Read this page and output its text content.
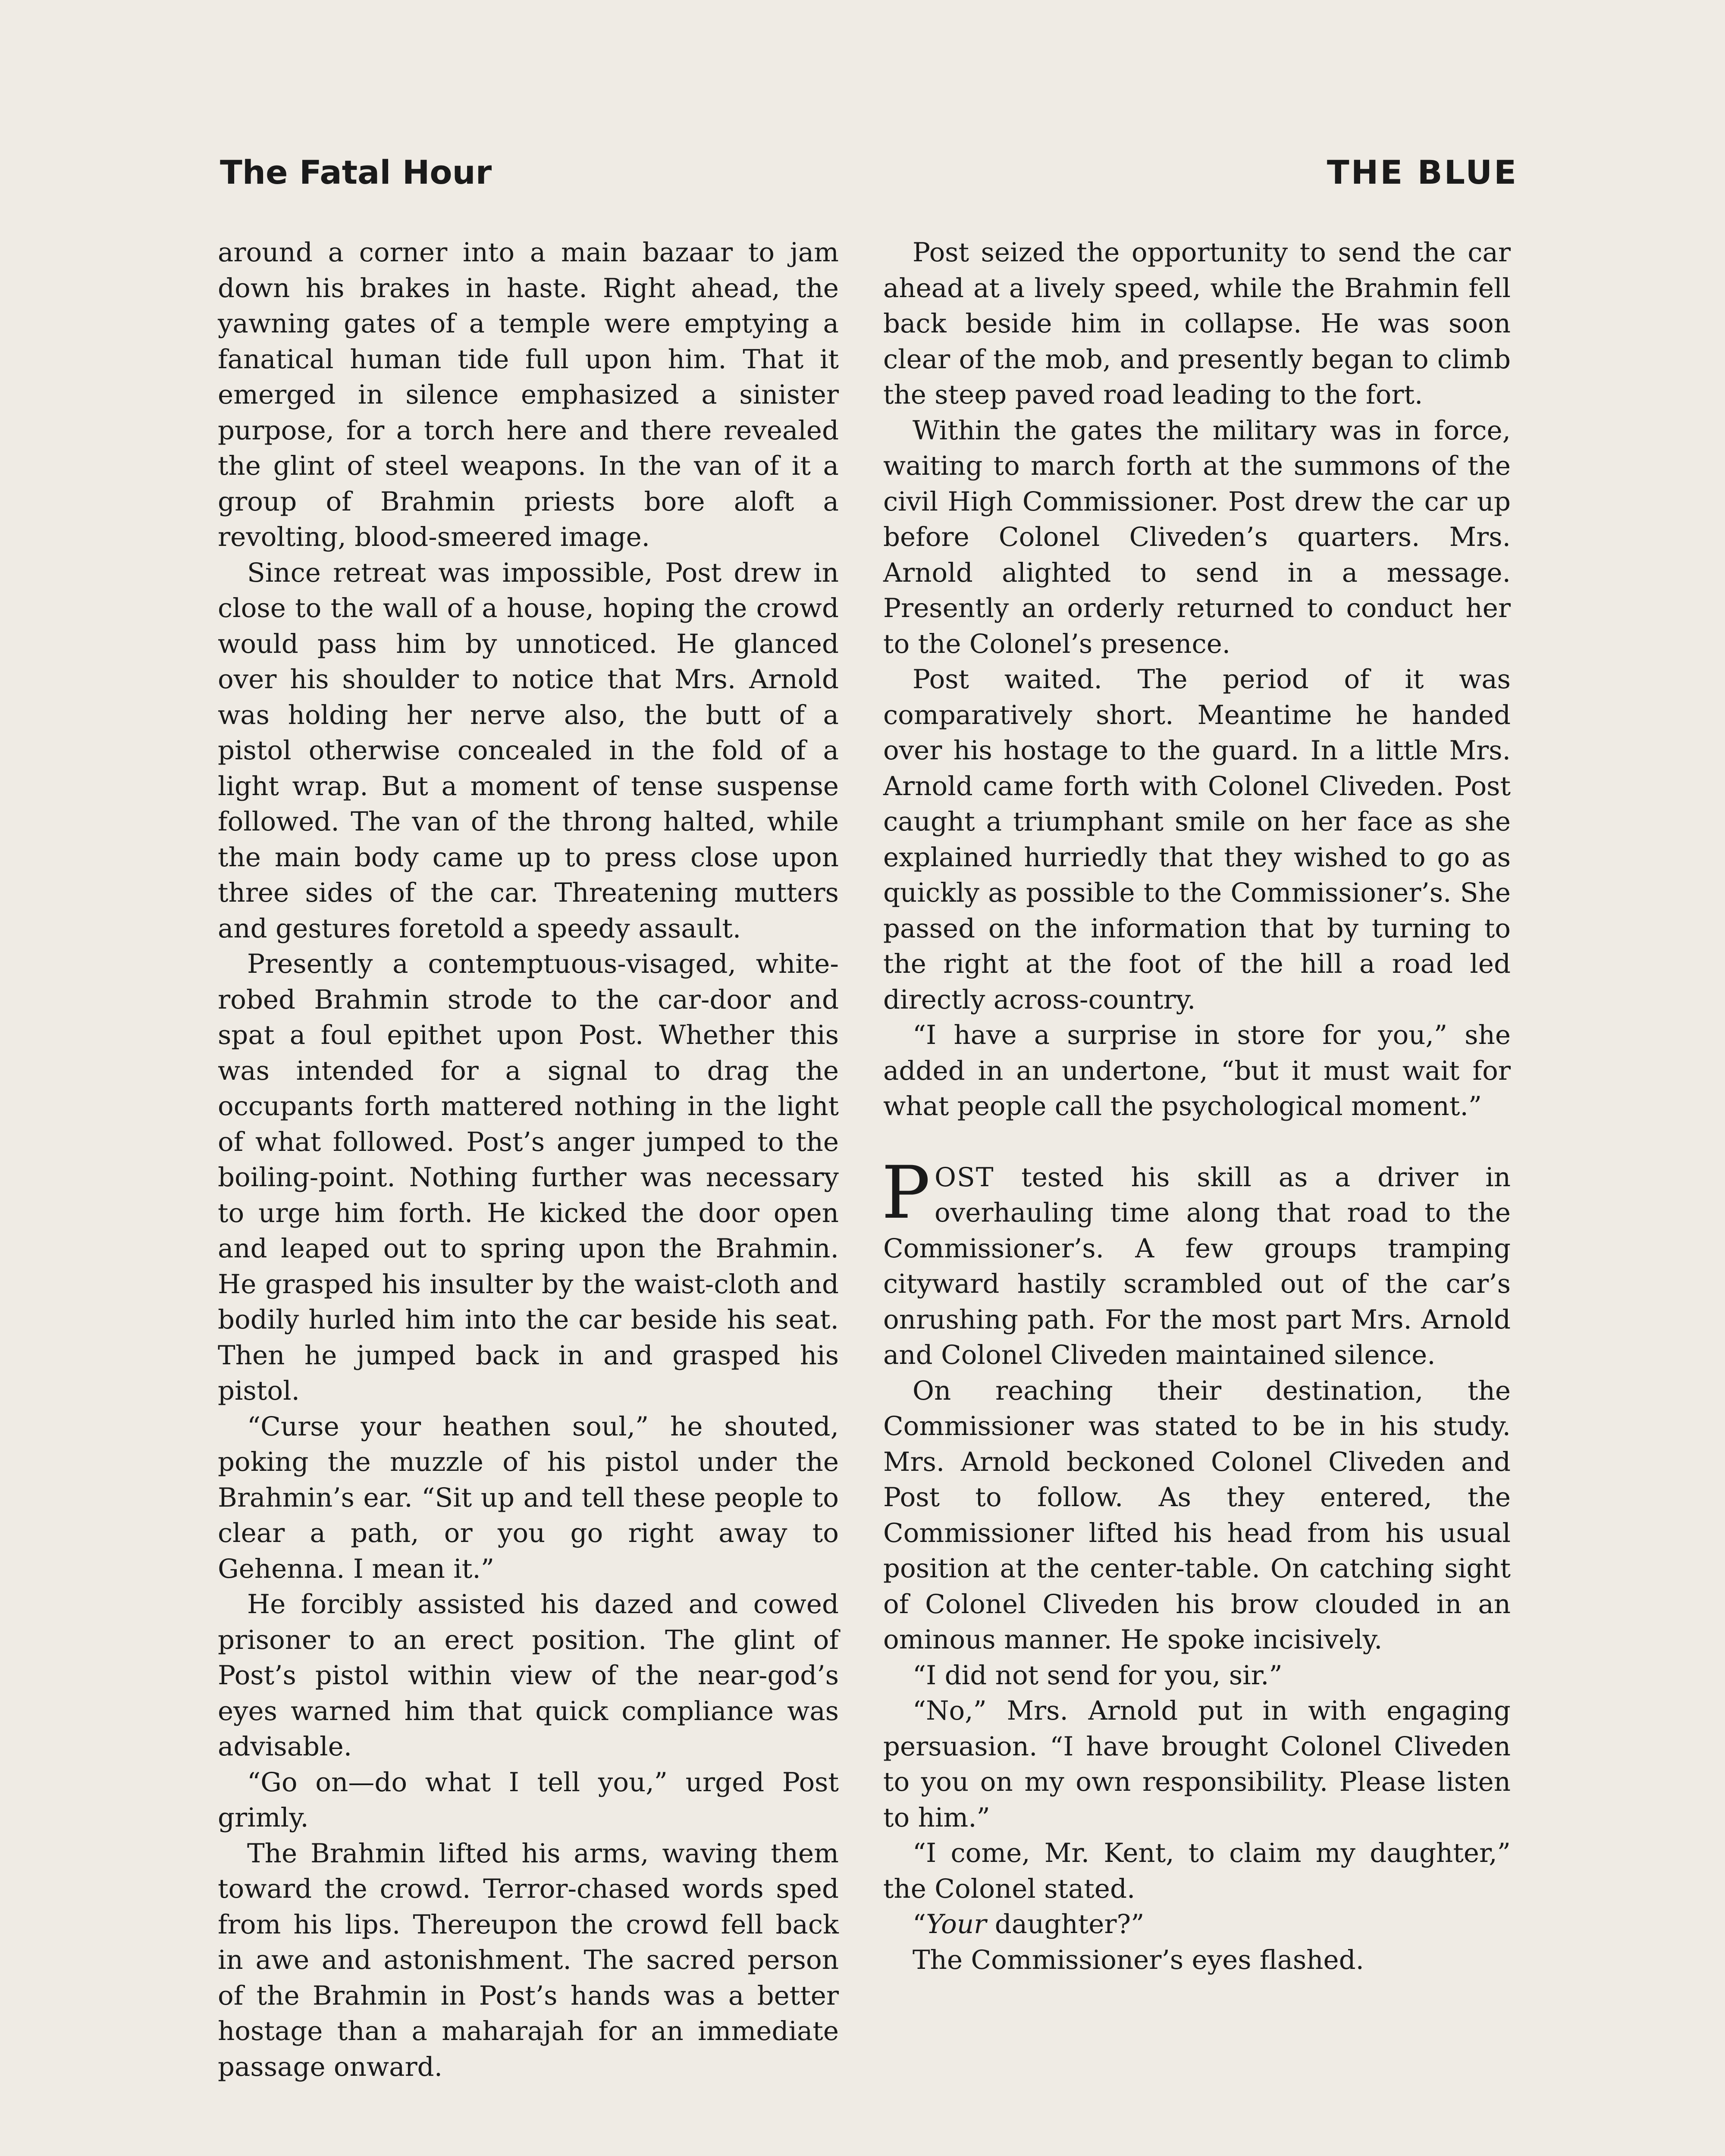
The Fatal Hour	THE BLUE

around a corner into a main bazaar to jam down his brakes in haste. Right ahead, the yawning gates of a temple were emptying a fanatical human tide full upon him. That it emerged in silence emphasized a sinister purpose, for a torch here and there revealed the glint of steel weapons. In the van of it a group of Brahmin priests bore aloft a revolting, blood-smeered image.

Since retreat was impossible, Post drew in close to the wall of a house, hoping the crowd would pass him by unnoticed. He glanced over his shoulder to notice that Mrs. Arnold was holding her nerve also, the butt of a pistol otherwise concealed in the fold of a light wrap. But a moment of tense suspense followed. The van of the throng halted, while the main body came up to press close upon three sides of the car. Threatening mutters and gestures foretold a speedy assault.

Presently a contemptuous-visaged, white-robed Brahmin strode to the car-door and spat a foul epithet upon Post. Whether this was intended for a signal to drag the occupants forth mattered nothing in the light of what followed. Post’s anger jumped to the boiling-point. Nothing further was necessary to urge him forth. He kicked the door open and leaped out to spring upon the Brahmin. He grasped his insulter by the waist-cloth and bodily hurled him into the car beside his seat. Then he jumped back in and grasped his pistol.

“Curse your heathen soul,” he shouted, poking the muzzle of his pistol under the Brahmin’s ear. “Sit up and tell these people to clear a path, or you go right away to Gehenna. I mean it.”

He forcibly assisted his dazed and cowed prisoner to an erect position. The glint of Post’s pistol within view of the near-god’s eyes warned him that quick compliance was advisable.

“Go on—do what I tell you,” urged Post grimly.

The Brahmin lifted his arms, waving them toward the crowd. Terror-chased words sped from his lips. Thereupon the crowd fell back in awe and astonishment. The sacred person of the Brahmin in Post’s hands was a better hostage than a maharajah for an immediate passage onward.

Post seized the opportunity to send the car ahead at a lively speed, while the Brahmin fell back beside him in collapse. He was soon clear of the mob, and presently began to climb the steep paved road leading to the fort.

Within the gates the military was in force, waiting to march forth at the summons of the civil High Commissioner. Post drew the car up before Colonel Cliveden’s quarters. Mrs. Arnold alighted to send in a message. Presently an orderly returned to conduct her to the Colonel’s presence.

Post waited. The period of it was comparatively short. Meantime he handed over his hostage to the guard. In a little Mrs. Arnold came forth with Colonel Cliveden. Post caught a triumphant smile on her face as she explained hurriedly that they wished to go as quickly as possible to the Commissioner’s. She passed on the information that by turning to the right at the foot of the hill a road led directly across-country.

“I have a surprise in store for you,” she added in an undertone, “but it must wait for what people call the psychological moment.”

POST tested his skill as a driver in overhauling time along that road to the Commissioner’s. A few groups tramping cityward hastily scrambled out of the car’s onrushing path. For the most part Mrs. Arnold and Colonel Cliveden maintained silence.

On reaching their destination, the Commissioner was stated to be in his study. Mrs. Arnold beckoned Colonel Cliveden and Post to follow. As they entered, the Commissioner lifted his head from his usual position at the center-table. On catching sight of Colonel Cliveden his brow clouded in an ominous manner. He spoke incisively.

“I did not send for you, sir.”

“No,” Mrs. Arnold put in with engaging persuasion. “I have brought Colonel Cliveden to you on my own responsibility. Please listen to him.”

“I come, Mr. Kent, to claim my daughter,” the Colonel stated.

“Your daughter?”

The Commissioner’s eyes flashed.
